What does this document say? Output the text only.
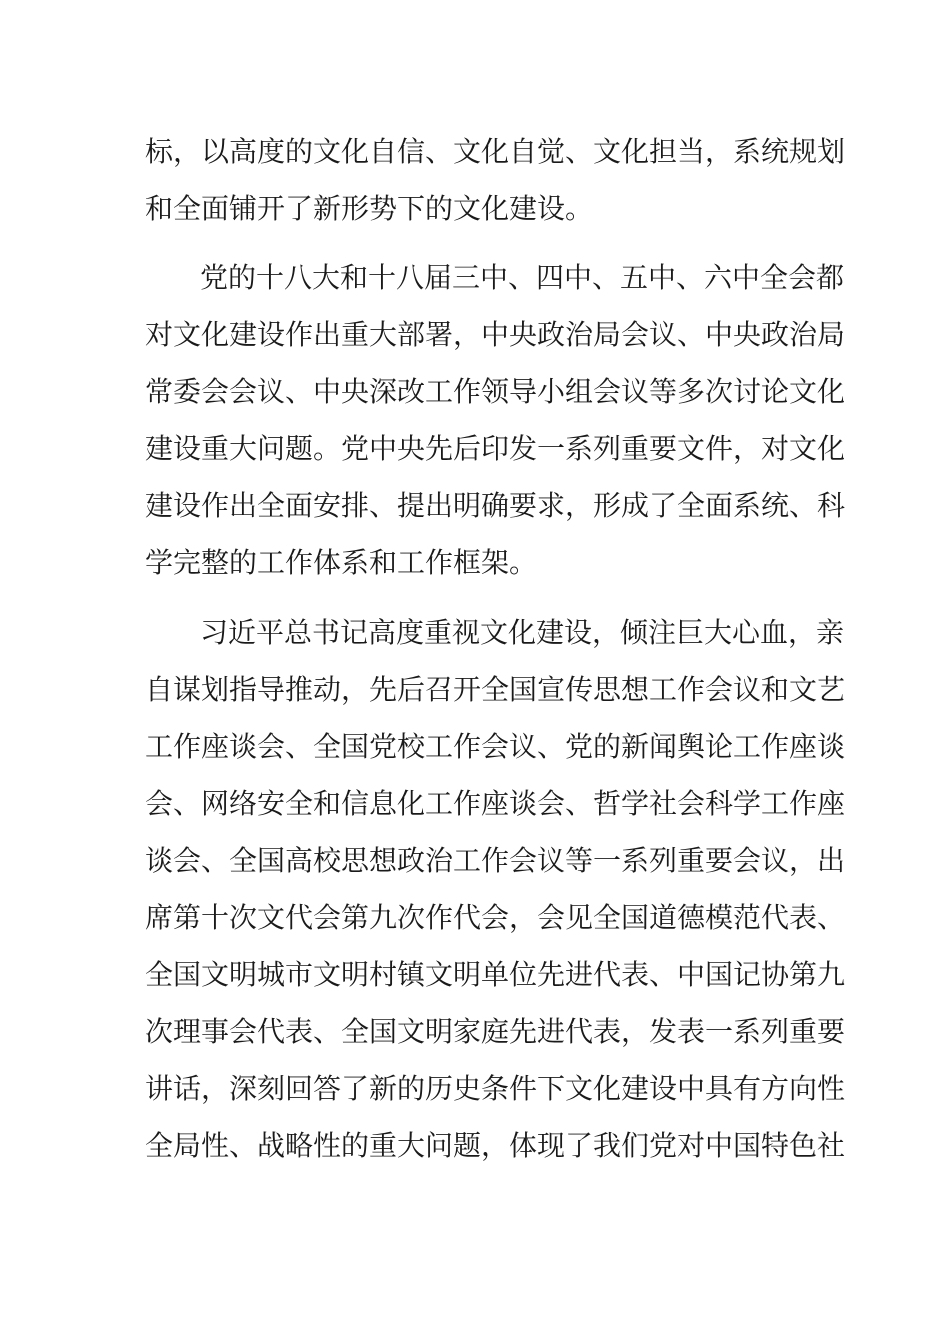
标，以高度的文化自信、文化自觉、文化担当，系统规划
和全面铺开了新形势下的文化建设。
党的十八大和十八届三中、四中、五中、六中全会都
对文化建设作出重大部署，中央政治局会议、中央政治局
常委会会议、中央深改工作领导小组会议等多次讨论文化
建设重大问题。党中央先后印发一系列重要文件，对文化
建设作出全面安排、提出明确要求，形成了全面系统、科
学完整的工作体系和工作框架。
习近平总书记高度重视文化建设，倾注巨大心血，亲
自谋划指导推动，先后召开全国宣传思想工作会议和文艺
工作座谈会、全国党校工作会议、党的新闻舆论工作座谈
会、网络安全和信息化工作座谈会、哲学社会科学工作座
谈会、全国高校思想政治工作会议等一系列重要会议，出
席第十次文代会第九次作代会，会见全国道德模范代表、
全国文明城市文明村镇文明单位先进代表、中国记协第九
次理事会代表、全国文明家庭先进代表，发表一系列重要
讲话，深刻回答了新的历史条件下文化建设中具有方向性
全局性、战略性的重大问题，体现了我们党对中国特色社
